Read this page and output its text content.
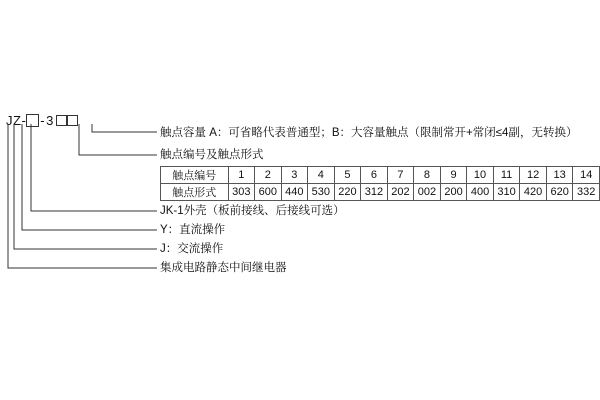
JZ- -3
触点容量 A：可省略代表普通型；B：大容量触点（限制常开+常闭≤4副，无转换）
触点编号及触点形式
JK-1外壳（板前接线、后接线可选）
Y：直流操作
J：交流操作
集成电路静态中间继电器
触点编号	1	2	3	4	5	6	7	8	9	10	11	12	13	14
触点形式	303	600	440	530	220	312	202	002	200	400	310	420	620	332
